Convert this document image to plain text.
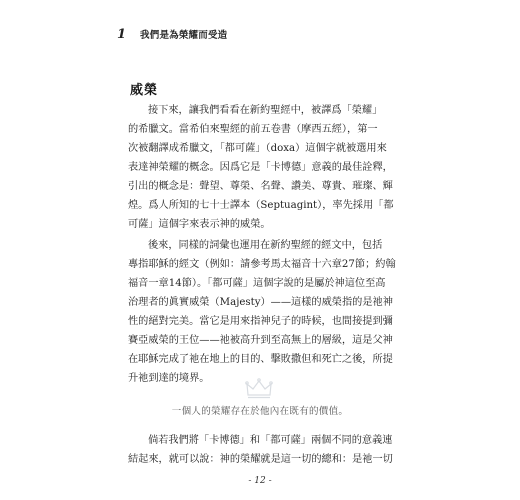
1 我們是為榮耀而受造
威榮
接下來，讓我們看看在新約聖經中，被譯爲「榮耀」
的希臘文。當希伯來聖經的前五卷書（摩西五經），第一
次被翻譯成希臘文，「都可薩」（doxa）這個字就被選用來
表達神榮耀的概念。因爲它是「卡博德」意義的最佳詮釋，
引出的概念是：聲望、尊榮、名聲、讚美、尊貴、璀璨、輝
煌。爲人所知的七十士譯本（Septuagint），率先採用「都
可薩」這個字來表示神的威榮。
後來，同樣的詞彙也運用在新約聖經的經文中，包括
專指耶穌的經文（例如：請參考馬太福音十六章27節；約翰
福音一章14節）。「都可薩」這個字說的是屬於神這位至高
治理者的眞實威榮（Majesty）——這樣的威榮指的是祂神
性的絕對完美。當它是用來指神兒子的時候，也間接提到彌
賽亞威榮的王位——祂被高升到至高無上的層級，這是父神
在耶穌完成了祂在地上的目的、擊敗撒但和死亡之後，所提
升祂到達的境界。
一個人的榮耀存在於他內在既有的價值。
倘若我們將「卡博德」和「都可薩」兩個不同的意義連
結起來，就可以說：神的榮耀就是這一切的總和：是祂一切
- 12 -
